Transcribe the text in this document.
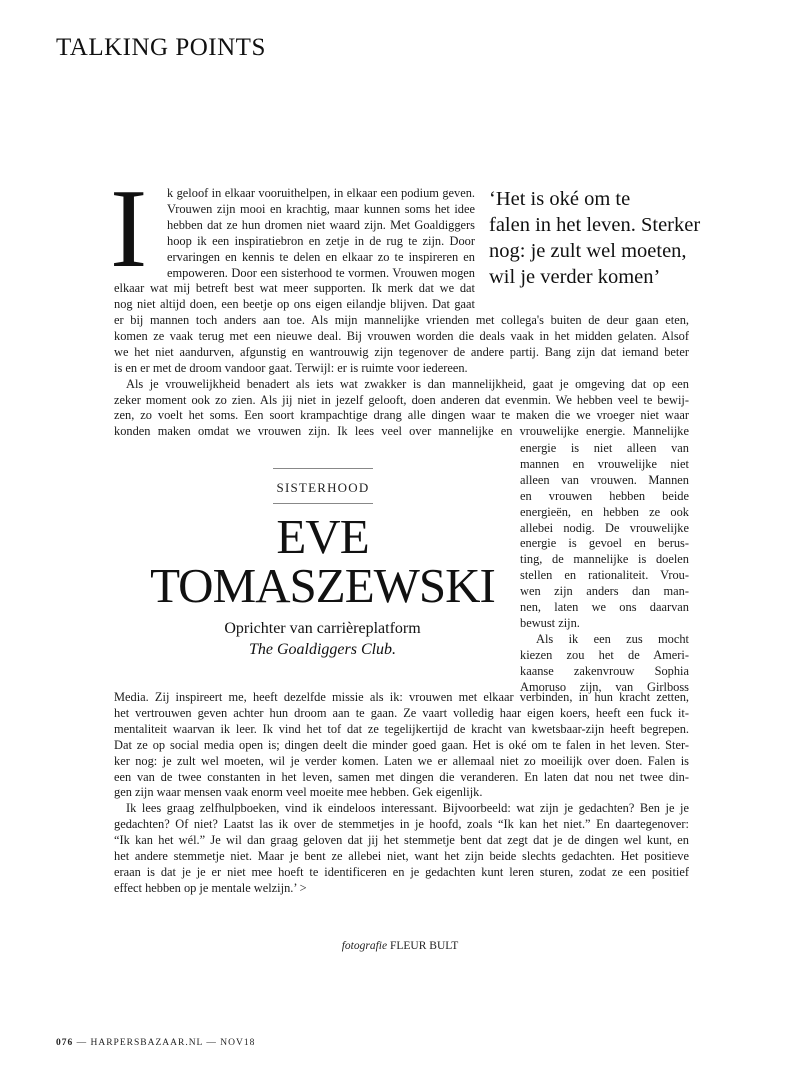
TALKING POINTS
I k geloof in elkaar vooruithelpen, in elkaar een podium geven.
Vrouwen zijn mooi en krachtig, maar kunnen soms het idee
hebben dat ze hun dromen niet waard zijn. Met Goaldiggers
hoop ik een inspiratiebron en zetje in de rug te zijn. Door
ervaringen en kennis te delen en elkaar zo te inspireren en
empoweren. Door een sisterhood te vormen. Vrouwen mogen
elkaar wat mij betreft best wat meer supporten. Ik merk dat we dat
nog niet altijd doen, een beetje op ons eigen eilandje blijven. Dat gaat
er bij mannen toch anders aan toe. Als mijn mannelijke vrienden met collega's buiten de deur gaan eten,
komen ze vaak terug met een nieuwe deal. Bij vrouwen worden die deals vaak in het midden gelaten. Alsof
we het niet aandurven, afgunstig en wantrouwig zijn tegenover de andere partij. Bang zijn dat iemand beter
is en er met de droom vandoor gaat. Terwijl: er is ruimte voor iedereen.
Als je vrouwelijkheid benadert als iets wat zwakker is dan mannelijkheid, gaat je omgeving dat op een
zeker moment ook zo zien. Als jij niet in jezelf gelooft, doen anderen dat evenmin. We hebben veel te bewij-
zen, zo voelt het soms. Een soort krampachtige drang alle dingen waar te maken die we vroeger niet waar
konden maken omdat we vrouwen zijn. Ik lees veel over mannelijke en vrouwelijke energie. Mannelijke
energie is niet alleen van
mannen en vrouwelijke niet
alleen van vrouwen. Mannen
en vrouwen hebben beide
energieën, en hebben ze ook
allebei nodig. De vrouwelijke
energie is gevoel en berus-
ting, de mannelijke is doelen
stellen en rationaliteit. Vrou-
wen zijn anders dan man-
nen, laten we ons daarvan
bewust zijn.
Als ik een zus mocht
kiezen zou het de Ameri-
kaanse zakenvrouw Sophia
Amoruso zijn, van Girlboss
Media. Zij inspireert me, heeft dezelfde missie als ik: vrouwen met elkaar verbinden, in hun kracht zetten,
het vertrouwen geven achter hun droom aan te gaan. Ze vaart volledig haar eigen koers, heeft een fuck it-
mentaliteit waarvan ik leer. Ik vind het tof dat ze tegelijkertijd de kracht van kwetsbaar-zijn heeft begrepen.
Dat ze op social media open is; dingen deelt die minder goed gaan. Het is oké om te falen in het leven. Ster-
ker nog: je zult wel moeten, wil je verder komen. Laten we er allemaal niet zo moeilijk over doen. Falen is
een van de twee constanten in het leven, samen met dingen die veranderen. En laten dat nou net twee din-
gen zijn waar mensen vaak enorm veel moeite mee hebben. Gek eigenlijk.
Ik lees graag zelfhulpboeken, vind ik eindeloos interessant. Bijvoorbeeld: wat zijn je gedachten? Ben je je
gedachten? Of niet? Laatst las ik over de stemmetjes in je hoofd, zoals “Ik kan het niet.” En daartegenover:
“Ik kan het wél.” Je wil dan graag geloven dat jij het stemmetje bent dat zegt dat je de dingen wel kunt, en
het andere stemmetje niet. Maar je bent ze allebei niet, want het zijn beide slechts gedachten. Het positieve
eraan is dat je je er niet mee hoeft te identificeren en je gedachten kunt leren sturen, zodat ze een positief
effect hebben op je mentale welzijn.’ >
‘Het is oké om te
falen in het leven. Sterker
nog: je zult wel moeten,
wil je verder komen’
SISTERHOOD
EVE
TOMASZEWSKI
Oprichter van carrièreplatform
The Goaldiggers Club.
fotografie FLEUR BULT
076 — HARPERSBAZAAR.NL — NOV18
